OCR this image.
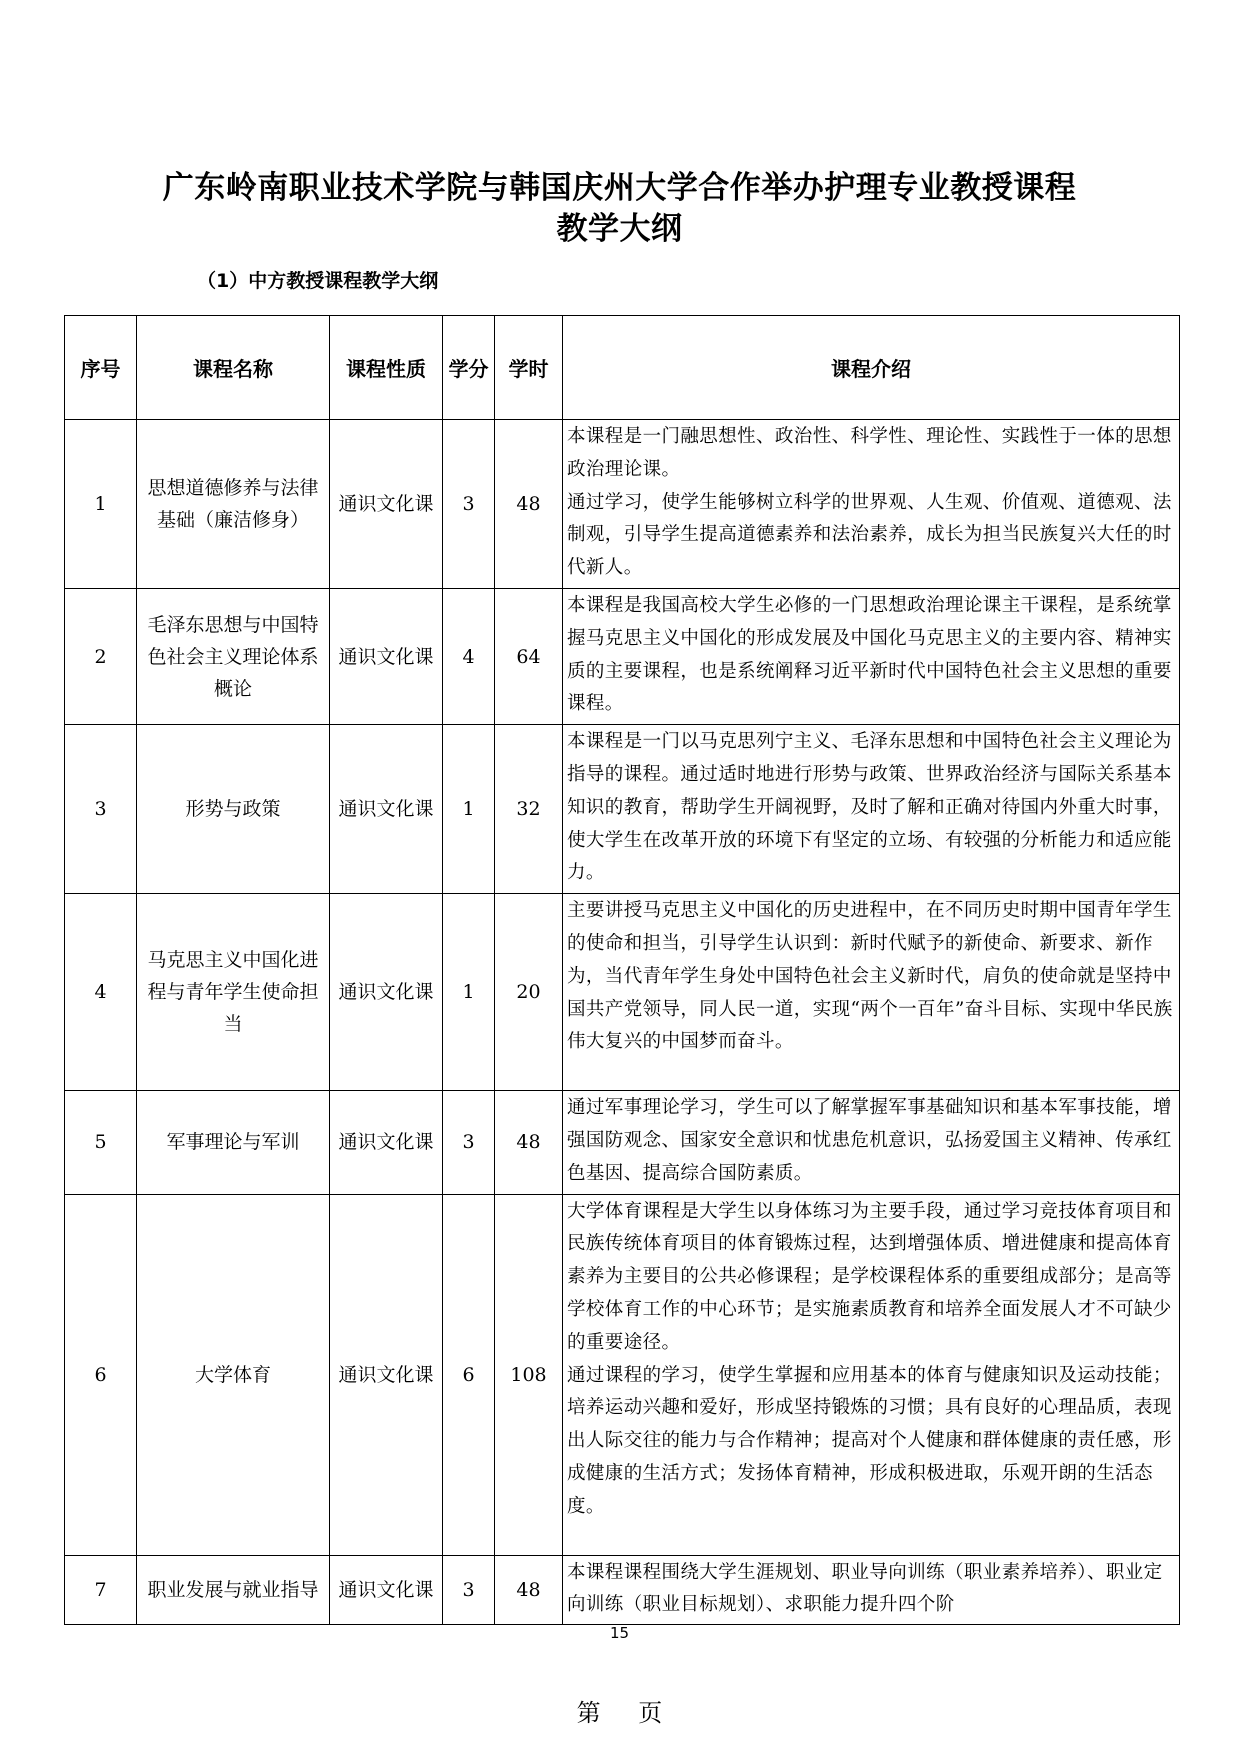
广东岭南职业技术学院与韩国庆州大学合作举办护理专业教授课程
教学大纲
（1）中方教授课程教学大纲
序号	课程名称	课程性质	学分	学时	课程介绍
1	思想道德修养与法律基础（廉洁修身）	通识文化课	3	48	本课程是一门融思想性、政治性、科学性、理论性、实践性于一体的思想政治理论课。

通过学习，使学生能够树立科学的世界观、人生观、价值观、道德观、法制观，引导学生提高道德素养和法治素养，成长为担当民族复兴大任的时代新人。

2	毛泽东思想与中国特色社会主义理论体系概论	通识文化课	4	64	本课程是我国高校大学生必修的一门思想政治理论课主干课程，是系统掌握马克思主义中国化的形成发展及中国化马克思主义的主要内容、精神实质的主要课程，也是系统阐释习近平新时代中国特色社会主义思想的重要课程。

3	形势与政策	通识文化课	1	32	本课程是一门以马克思列宁主义、毛泽东思想和中国特色社会主义理论为指导的课程。通过适时地进行形势与政策、世界政治经济与国际关系基本知识的教育，帮助学生开阔视野，及时了解和正确对待国内外重大时事，使大学生在改革开放的环境下有坚定的立场、有较强的分析能力和适应能力。

4	马克思主义中国化进程与青年学生使命担当	通识文化课	1	20	主要讲授马克思主义中国化的历史进程中，在不同历史时期中国青年学生的使命和担当，引导学生认识到：新时代赋予的新使命、新要求、新作为，当代青年学生身处中国特色社会主义新时代，肩负的使命就是坚持中国共产党领导，同人民一道，实现“两个一百年”奋斗目标、实现中华民族伟大复兴的中国梦而奋斗。

5	军事理论与军训	通识文化课	3	48	通过军事理论学习，学生可以了解掌握军事基础知识和基本军事技能，增强国防观念、国家安全意识和忧患危机意识，弘扬爱国主义精神、传承红色基因、提高综合国防素质。

6	大学体育	通识文化课	6	108	大学体育课程是大学生以身体练习为主要手段，通过学习竞技体育项目和民族传统体育项目的体育锻炼过程，达到增强体质、增进健康和提高体育素养为主要目的公共必修课程；是学校课程体系的重要组成部分；是高等学校体育工作的中心环节；是实施素质教育和培养全面发展人才不可缺少的重要途径。

通过课程的学习，使学生掌握和应用基本的体育与健康知识及运动技能；培养运动兴趣和爱好，形成坚持锻炼的习惯；具有良好的心理品质，表现出人际交往的能力与合作精神；提高对个人健康和群体健康的责任感，形成健康的生活方式；发扬体育精神，形成积极进取，乐观开朗的生活态度。

7	职业发展与就业指导	通识文化课	3	48	本课程课程围绕大学生涯规划、职业导向训练（职业素养培养）、职业定向训练（职业目标规划）、求职能力提升四个阶

15
第 页
